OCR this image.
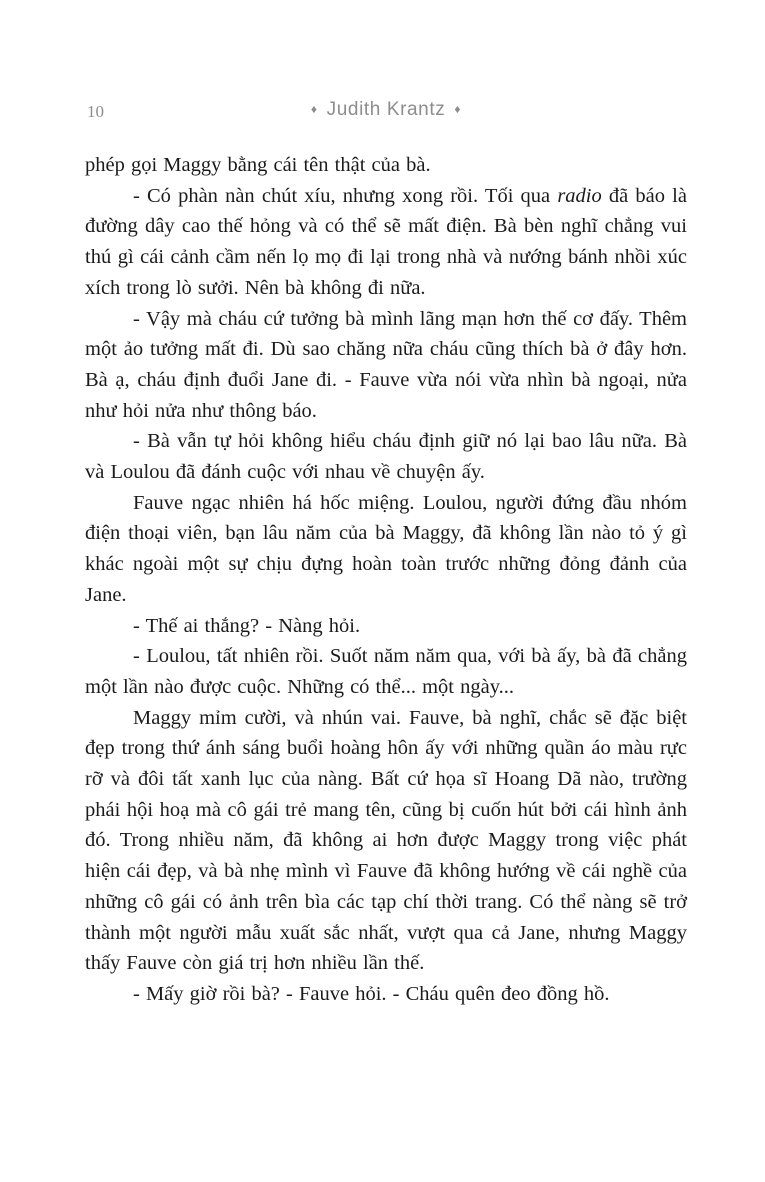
10	♦ Judith Krantz ♦

phép gọi Maggy bằng cái tên thật của bà.

- Có phàn nàn chút xíu, nhưng xong rồi. Tối qua radio đã báo là đường dây cao thế hỏng và có thể sẽ mất điện. Bà bèn nghĩ chẳng vui thú gì cái cảnh cầm nến lọ mọ đi lại trong nhà và nướng bánh nhồi xúc xích trong lò sưởi. Nên bà không đi nữa.

- Vậy mà cháu cứ tưởng bà mình lãng mạn hơn thế cơ đấy. Thêm một ảo tưởng mất đi. Dù sao chăng nữa cháu cũng thích bà ở đây hơn. Bà ạ, cháu định đuổi Jane đi. - Fauve vừa nói vừa nhìn bà ngoại, nửa như hỏi nửa như thông báo.

- Bà vẫn tự hỏi không hiểu cháu định giữ nó lại bao lâu nữa. Bà và Loulou đã đánh cuộc với nhau về chuyện ấy.

Fauve ngạc nhiên há hốc miệng. Loulou, người đứng đầu nhóm điện thoại viên, bạn lâu năm của bà Maggy, đã không lần nào tỏ ý gì khác ngoài một sự chịu đựng hoàn toàn trước những đỏng đảnh của Jane.

- Thế ai thắng? - Nàng hỏi.

- Loulou, tất nhiên rồi. Suốt năm năm qua, với bà ấy, bà đã chẳng một lần nào được cuộc. Những có thể... một ngày...

Maggy mỉm cười, và nhún vai. Fauve, bà nghĩ, chắc sẽ đặc biệt đẹp trong thứ ánh sáng buổi hoàng hôn ấy với những quần áo màu rực rỡ và đôi tất xanh lục của nàng. Bất cứ họa sĩ Hoang Dã nào, trường phái hội hoạ mà cô gái trẻ mang tên, cũng bị cuốn hút bởi cái hình ảnh đó. Trong nhiều năm, đã không ai hơn được Maggy trong việc phát hiện cái đẹp, và bà nhẹ mình vì Fauve đã không hướng về cái nghề của những cô gái có ảnh trên bìa các tạp chí thời trang. Có thể nàng sẽ trở thành một người mẫu xuất sắc nhất, vượt qua cả Jane, nhưng Maggy thấy Fauve còn giá trị hơn nhiều lần thế.

- Mấy giờ rồi bà? - Fauve hỏi. - Cháu quên đeo đồng hồ.
